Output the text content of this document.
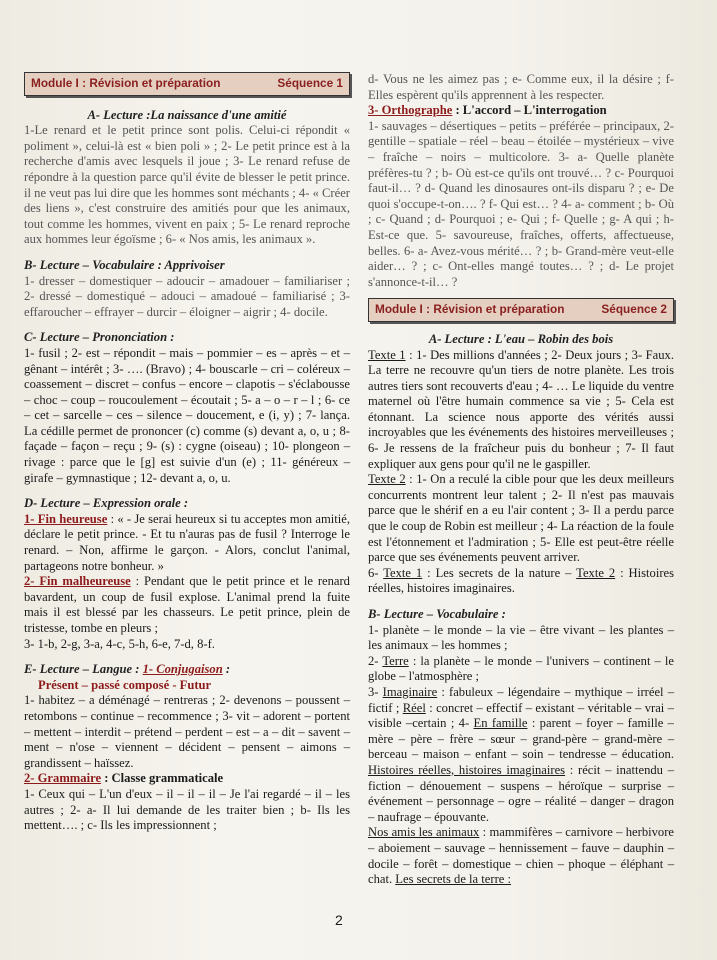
Module I : Révision et préparation	Séquence 1
A- Lecture :La naissance d'une amitié

1-Le renard et le petit prince sont polis. Celui-ci répondit « poliment », celui-là est « bien poli » ; 2- Le petit prince est à la recherche d'amis avec lesquels il joue ; 3- Le renard refuse de répondre à la question parce qu'il évite de blesser le petit prince. il ne veut pas lui dire que les hommes sont méchants ; 4- « Créer des liens », c'est construire des amitiés pour que les animaux, tout comme les hommes, vivent en paix ; 5- Le renard reproche aux hommes leur égoïsme ; 6- « Nos amis, les animaux ».

B- Lecture – Vocabulaire : Apprivoiser

1- dresser – domestiquer – adoucir – amadouer – familiariser ; 2- dressé – domestiqué – adouci – amadoué – familiarisé ; 3- effaroucher – effrayer – durcir – éloigner – aigrir ; 4- docile.

C- Lecture – Prononciation :

1- fusil ; 2- est – répondit – mais – pommier – es – après – et – gênant – intérêt ; 3- …. (Bravo) ; 4- bouscarle – cri – coléreux – coassement – discret – confus – encore – clapotis – s'éclabousse – choc – coup – roucoulement – écoutait ; 5- a – o – r – l ; 6- ce – cet – sarcelle – ces – silence – doucement, e (i, y) ; 7- lança. La cédille permet de prononcer (c) comme (s) devant a, o, u ; 8- façade – façon – reçu ; 9- (s) : cygne (oiseau) ; 10- plongeon – rivage : parce que le [g] est suivie d'un (e) ; 11- généreux – girafe – gymnastique ; 12- devant a, o, u.

D- Lecture – Expression orale :

1- Fin heureuse : « - Je serai heureux si tu acceptes mon amitié, déclare le petit prince. - Et tu n'auras pas de fusil ? Interroge le renard. – Non, affirme le garçon. - Alors, conclut l'animal, partageons notre bonheur. »

2- Fin malheureuse : Pendant que le petit prince et le renard bavardent, un coup de fusil explose. L'animal prend la fuite mais il est blessé par les chasseurs. Le petit prince, plein de tristesse, tombe en pleurs ;

3- 1-b, 2-g, 3-a, 4-c, 5-h, 6-e, 7-d, 8-f.

E- Lecture – Langue : 1- Conjugaison :
Présent – passé composé - Futur

1- habitez – a déménagé – rentreras ; 2- devenons – poussent – retombons – continue – recommence ; 3- vit – adorent – portent – mettent – interdit – prétend – perdent – est – a – dit – savent – ment – n'ose – viennent – décident – pensent – aimons – grandissent – haïssez.

2- Grammaire : Classe grammaticale

1- Ceux qui – L'un d'eux – il – il – il – Je l'ai regardé – il – les autres ; 2- a- Il lui demande de les traiter bien ; b- Ils les mettent…. ; c- Ils les impressionnent ;

d- Vous ne les aimez pas ; e- Comme eux, il la désire ; f- Elles espèrent qu'ils apprennent à les respecter.

3- Orthographe : L'accord – L'interrogation

1- sauvages – désertiques – petits – préférée – principaux, 2- gentille – spatiale – réel – beau – étoilée – mystérieux – vive – fraîche – noirs – multicolore. 3- a- Quelle planète préfères-tu ? ; b- Où est-ce qu'ils ont trouvé… ? c- Pourquoi faut-il… ? d- Quand les dinosaures ont-ils disparu ? ; e- De quoi s'occupe-t-on…. ? f- Qui est… ? 4- a- comment ; b- Où ; c- Quand ; d- Pourquoi ; e- Qui ; f- Quelle ; g- A qui ; h- Est-ce que. 5- savoureuse, fraîches, offerts, affectueuse, belles. 6- a- Avez-vous mérité… ? ; b- Grand-mère veut-elle aider… ? ; c- Ont-elles mangé toutes… ? ; d- Le projet s'annonce-t-il… ?

Module I : Révision et préparation	Séquence 2
A- Lecture : L'eau – Robin des bois

Texte 1 : 1- Des millions d'années ; 2- Deux jours ; 3- Faux. La terre ne recouvre qu'un tiers de notre planète. Les trois autres tiers sont recouverts d'eau ; 4- … Le liquide du ventre maternel où l'être humain commence sa vie ; 5- Cela est étonnant. La science nous apporte des vérités aussi incroyables que les événements des histoires merveilleuses ; 6- Je ressens de la fraîcheur puis du bonheur ; 7- Il faut expliquer aux gens pour qu'il ne le gaspiller.

Texte 2 : 1- On a reculé la cible pour que les deux meilleurs concurrents montrent leur talent ; 2- Il n'est pas mauvais parce que le shérif en a eu l'air content ; 3- Il a perdu parce que le coup de Robin est meilleur ; 4- La réaction de la foule est l'étonnement et l'admiration ; 5- Elle est peut-être réelle parce que ses événements peuvent arriver.

6- Texte 1 : Les secrets de la nature – Texte 2 : Histoires réelles, histoires imaginaires.

B- Lecture – Vocabulaire :

1- planète – le monde – la vie – être vivant – les plantes – les animaux – les hommes ;

2- Terre : la planète – le monde – l'univers – continent – le globe – l'atmosphère ;

3- Imaginaire : fabuleux – légendaire – mythique – irréel – fictif ; Réel : concret – effectif – existant – véritable – vrai – visible –certain ; 4- En famille : parent – foyer – famille – mère – père – frère – sœur – grand-père – grand-mère – berceau – maison – enfant – soin – tendresse – éducation. Histoires réelles, histoires imaginaires : récit – inattendu – fiction – dénouement – suspens – héroïque – surprise – événement – personnage – ogre – réalité – danger – dragon – naufrage – épouvante.

Nos amis les animaux : mammifères – carnivore – herbivore – aboiement – sauvage – hennissement – fauve – dauphin – docile – forêt – domestique – chien – phoque – éléphant – chat. Les secrets de la terre :

2
